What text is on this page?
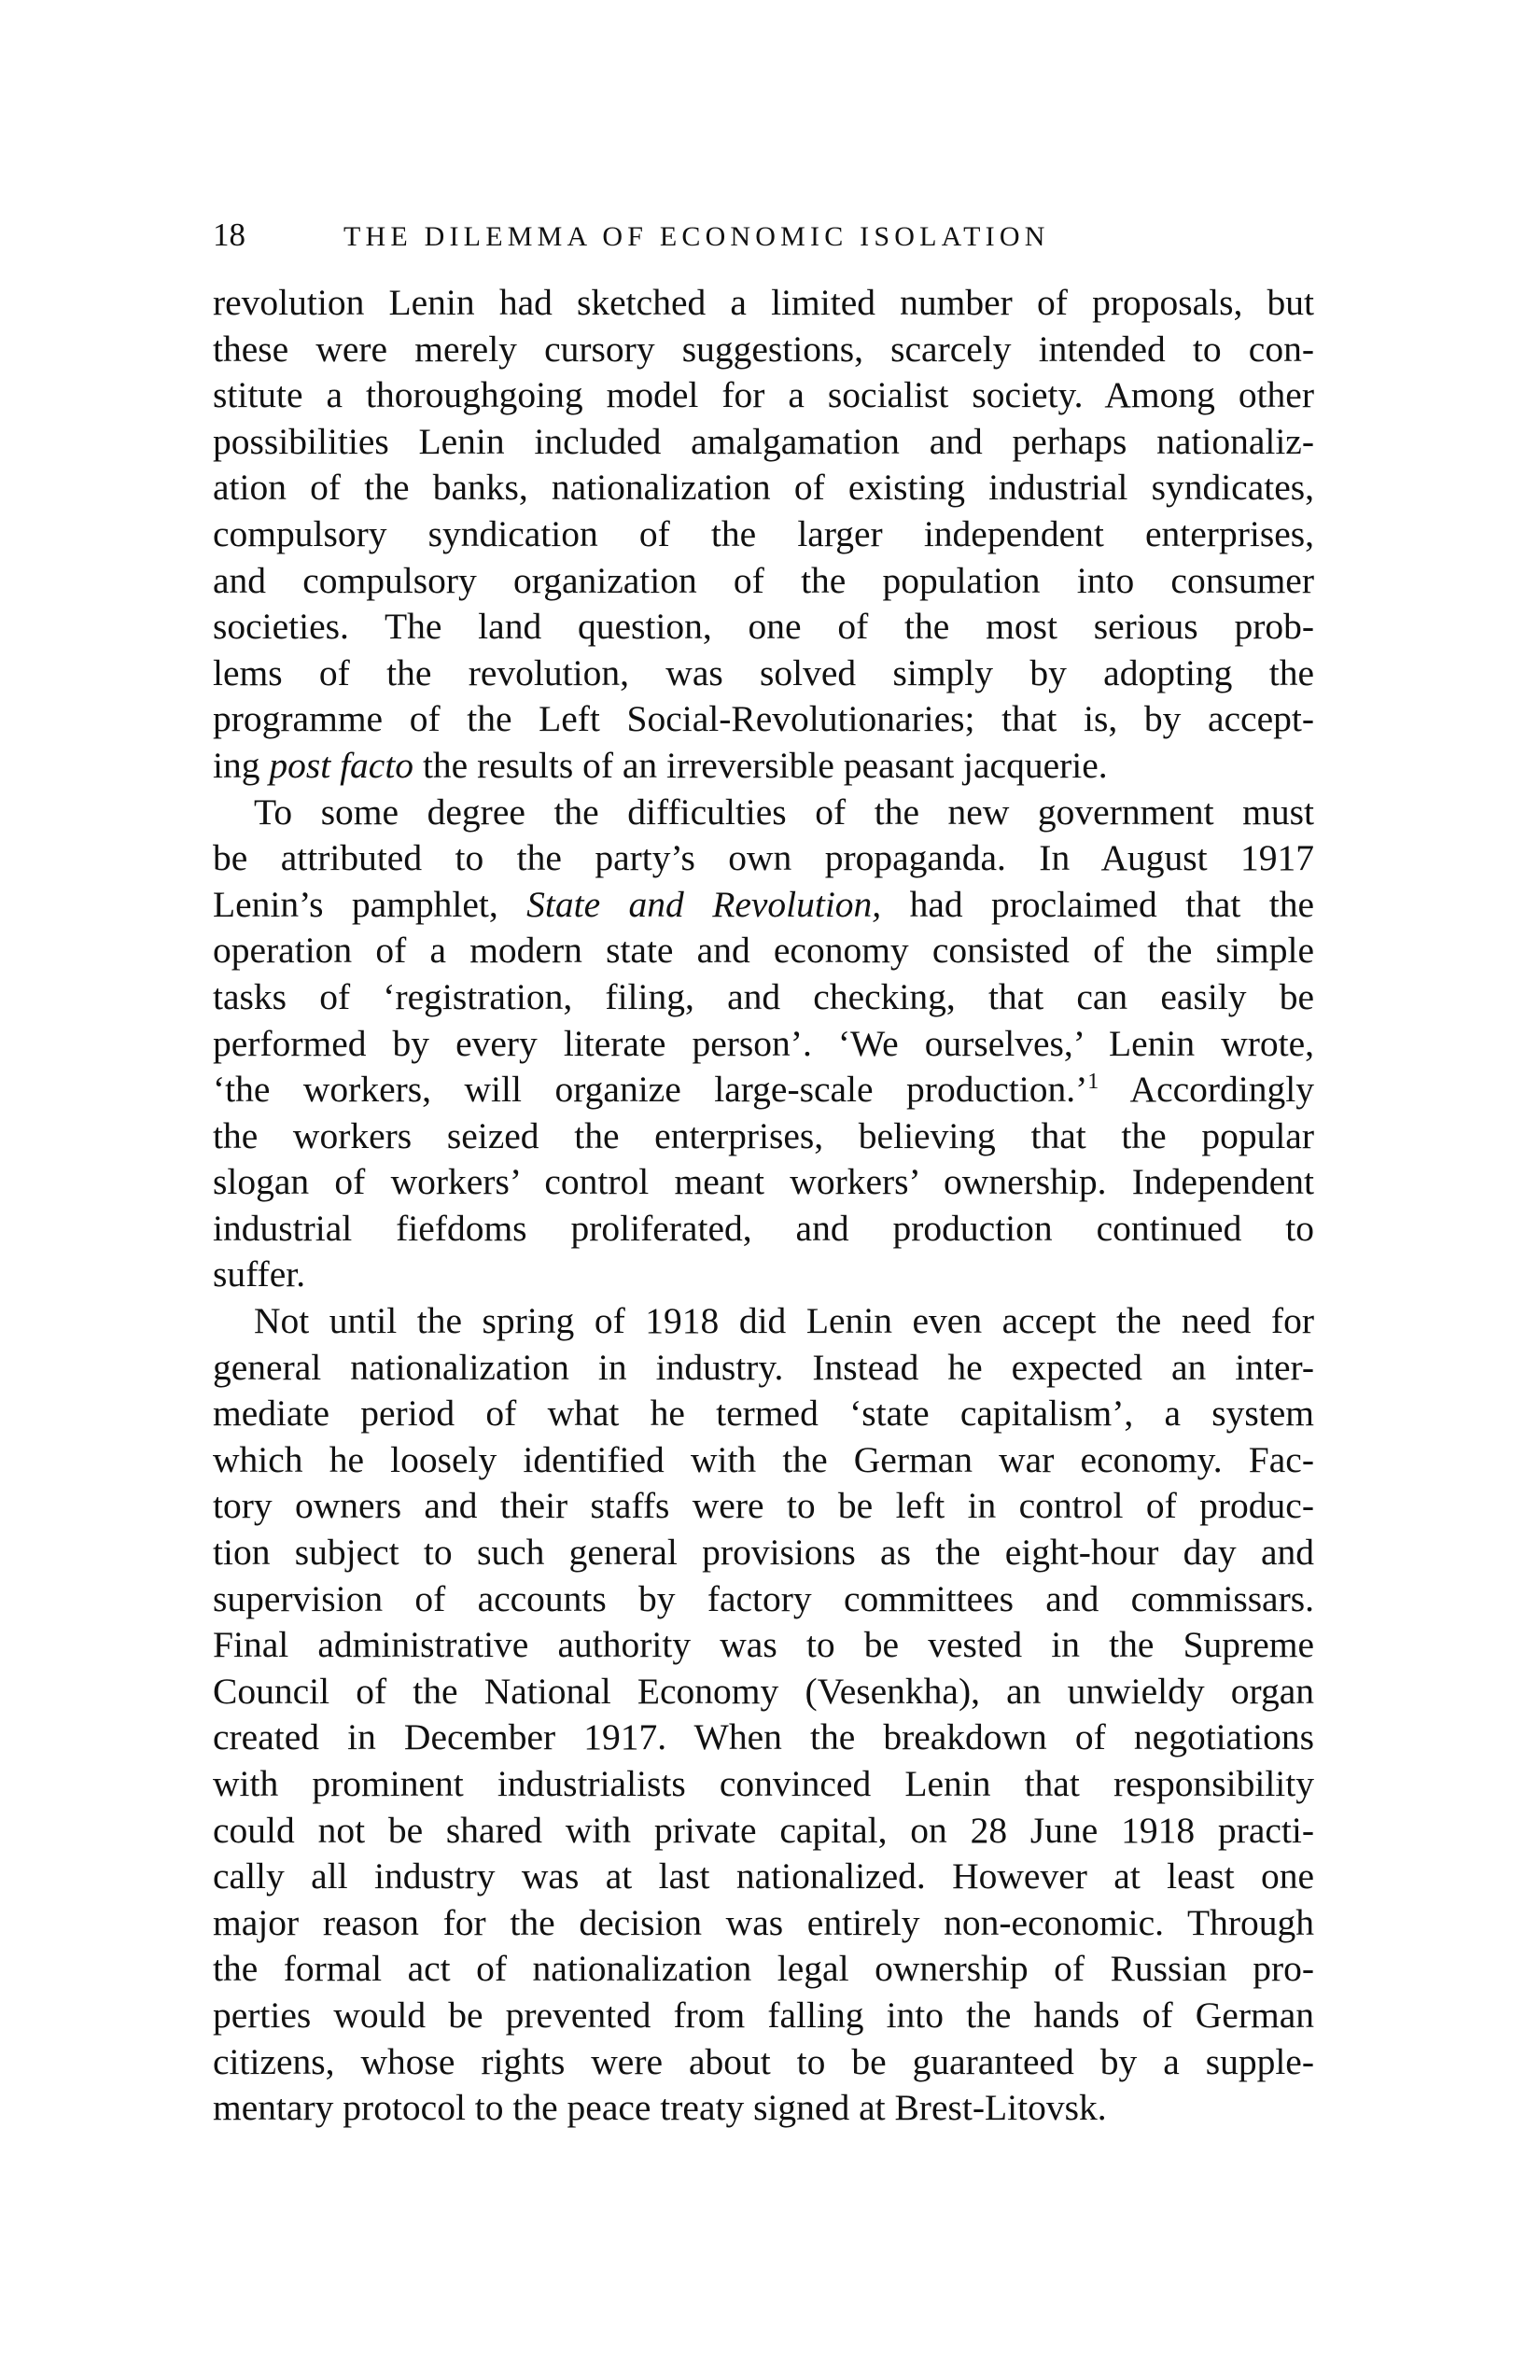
18	THE DILEMMA OF ECONOMIC ISOLATION
revolution Lenin had sketched a limited number of proposals, but
these were merely cursory suggestions, scarcely intended to con-
stitute a thoroughgoing model for a socialist society. Among other
possibilities Lenin included amalgamation and perhaps nationaliz-
ation of the banks, nationalization of existing industrial syndicates,
compulsory syndication of the larger independent enterprises,
and compulsory organization of the population into consumer
societies. The land question, one of the most serious prob-
lems of the revolution, was solved simply by adopting the
programme of the Left Social-Revolutionaries; that is, by accept-
ing post facto the results of an irreversible peasant jacquerie.
To some degree the difficulties of the new government must
be attributed to the party’s own propaganda. In August 1917
Lenin’s pamphlet, State and Revolution, had proclaimed that the
operation of a modern state and economy consisted of the simple
tasks of ‘registration, filing, and checking, that can easily be
performed by every literate person’. ‘We ourselves,’ Lenin wrote,
‘the workers, will organize large-scale production.’$^1$ Accordingly
the workers seized the enterprises, believing that the popular
slogan of workers’ control meant workers’ ownership. Independent
industrial fiefdoms proliferated, and production continued to
suffer.
Not until the spring of 1918 did Lenin even accept the need for
general nationalization in industry. Instead he expected an inter-
mediate period of what he termed ‘state capitalism’, a system
which he loosely identified with the German war economy. Fac-
tory owners and their staffs were to be left in control of produc-
tion subject to such general provisions as the eight-hour day and
supervision of accounts by factory committees and commissars.
Final administrative authority was to be vested in the Supreme
Council of the National Economy (Vesenkha), an unwieldy organ
created in December 1917. When the breakdown of negotiations
with prominent industrialists convinced Lenin that responsibility
could not be shared with private capital, on 28 June 1918 practi-
cally all industry was at last nationalized. However at least one
major reason for the decision was entirely non-economic. Through
the formal act of nationalization legal ownership of Russian pro-
perties would be prevented from falling into the hands of German
citizens, whose rights were about to be guaranteed by a supple-
mentary protocol to the peace treaty signed at Brest-Litovsk.
